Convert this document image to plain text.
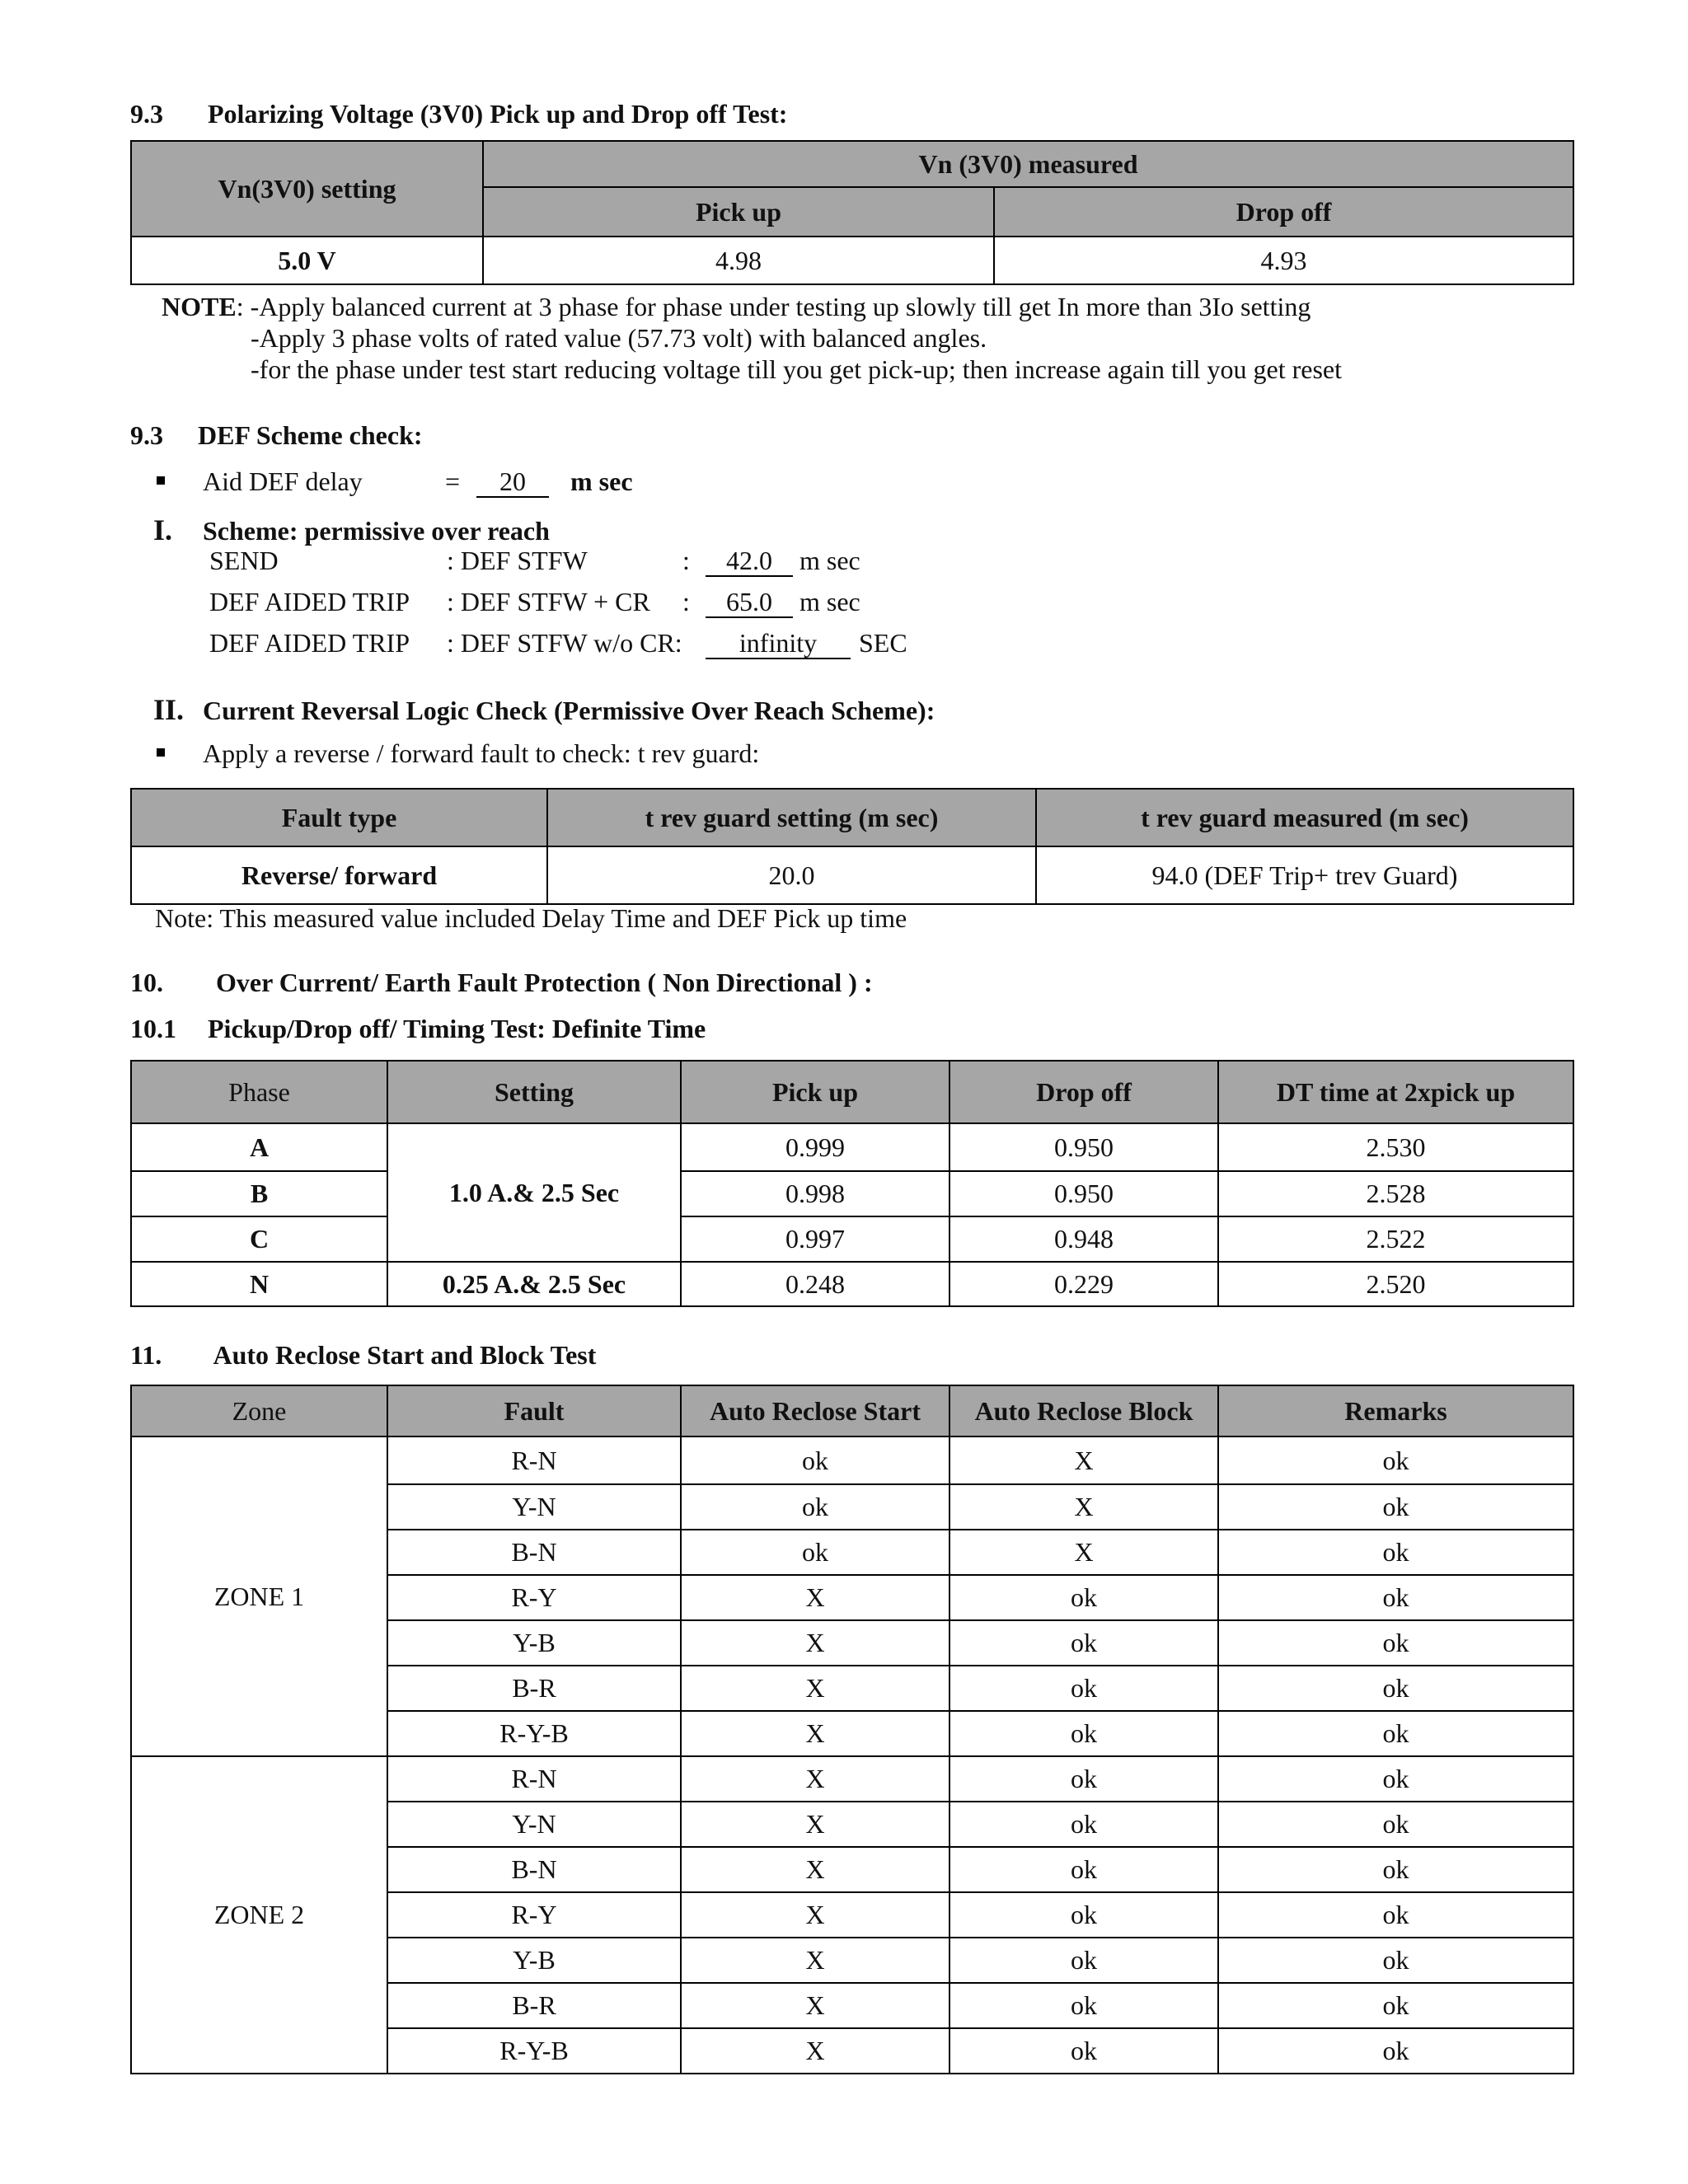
9.3 Polarizing Voltage (3V0) Pick up and Drop off Test:
Vn(3V0) setting	Vn (3V0) measured	
	Pick up	Drop off
5.0 V	4.98	4.93
NOTE: -Apply balanced current at 3 phase for phase under testing up slowly till get In more than 3Io setting
-Apply 3 phase volts of rated value (57.73 volt) with balanced angles.
-for the phase under test start reducing voltage till you get pick-up; then increase again till you get reset
9.3 DEF Scheme check:
Aid DEF delay	=	20	m sec
I. Scheme: permissive over reach
SEND	: DEF STFW	:	42.0	m sec
DEF AIDED TRIP : DEF STFW + CR :	65.0	m sec
DEF AIDED TRIP : DEF STFW w/o CR:	infinity	SEC
II. Current Reversal Logic Check (Permissive Over Reach Scheme):
Apply a reverse / forward fault to check: t rev guard:
Fault type	t rev guard setting (m sec)	t rev guard measured (m sec)
Reverse/ forward	20.0	94.0 (DEF Trip+ trev Guard)
Note: This measured value included Delay Time and DEF Pick up time
10. Over Current/ Earth Fault Protection ( Non Directional ) :
10.1 Pickup/Drop off/ Timing Test: Definite Time
Phase	Setting	Pick up	Drop off	DT time at 2xpick up
A	1.0 A.& 2.5 Sec	0.999	0.950	2.530
B		0.998	0.950	2.528
C		0.997	0.948	2.522
N	0.25 A.& 2.5 Sec	0.248	0.229	2.520
11. Auto Reclose Start and Block Test
Zone	Fault	Auto Reclose Start	Auto Reclose Block	Remarks
ZONE 1	R-N	ok	X	ok
	Y-N	ok	X	ok
	B-N	ok	X	ok
	R-Y	X	ok	ok
	Y-B	X	ok	ok
	B-R	X	ok	ok
	R-Y-B	X	ok	ok
ZONE 2	R-N	X	ok	ok
	Y-N	X	ok	ok
	B-N	X	ok	ok
	R-Y	X	ok	ok
	Y-B	X	ok	ok
	B-R	X	ok	ok
	R-Y-B	X	ok	ok
